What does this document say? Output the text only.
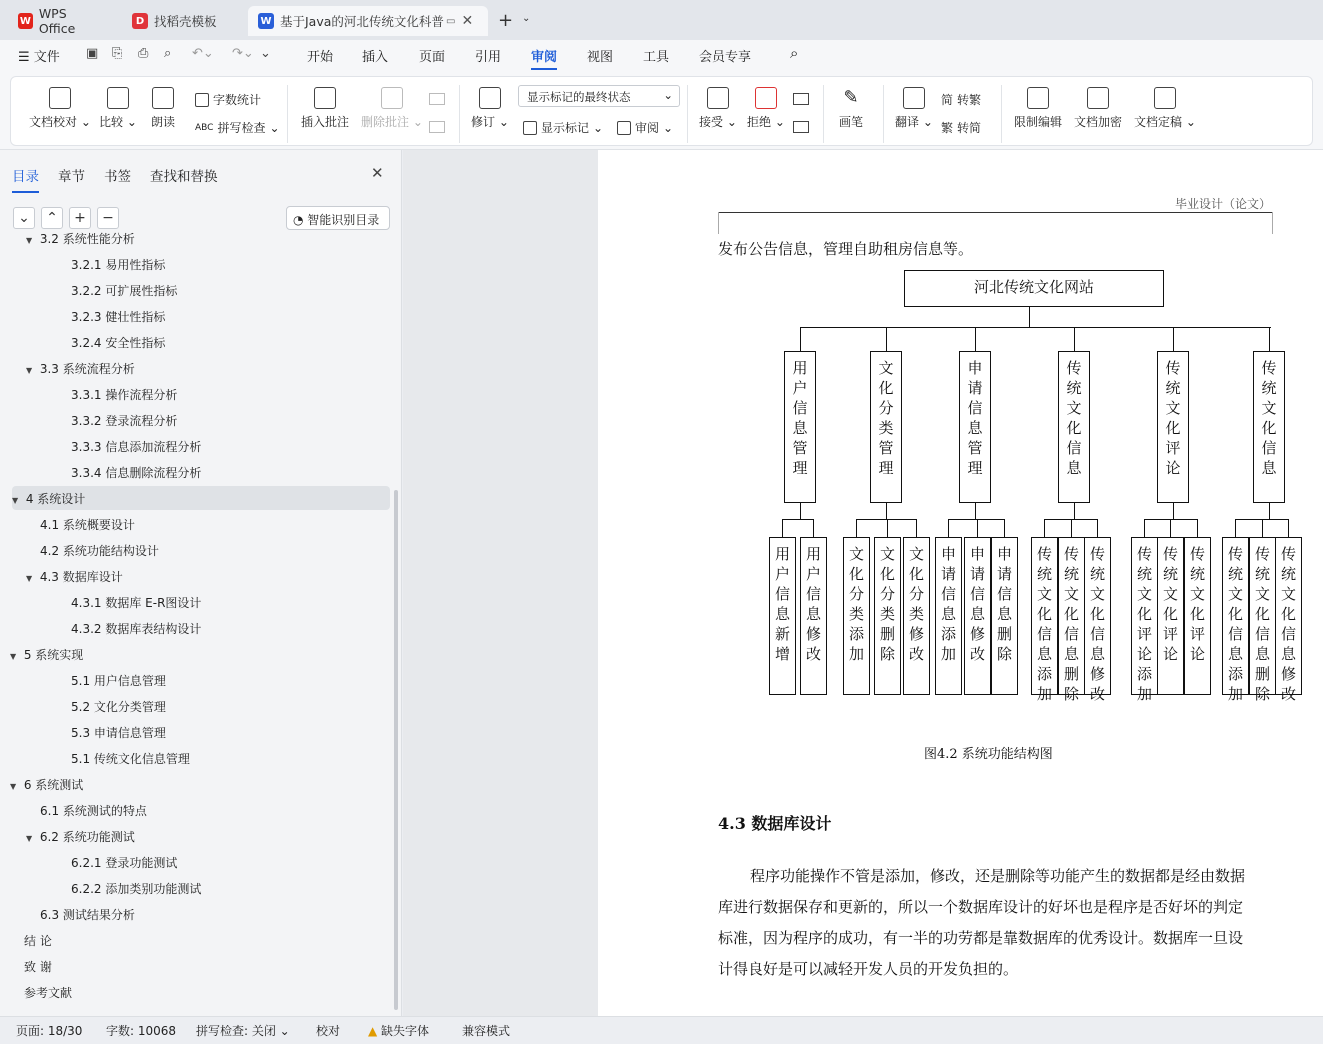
W WPS Office	D 找稻壳模板	W 基于Java的河北传统文化科普 ▭ ✕ + ⌄
☰ 文件 ▣ ⎘ ⎙ ⌕ ↶⌄ ↷⌄ ⌄	开始 插入 页面 引用 审阅 视图 工具 会员专享	⌕
文档校对 ⌄ 比较 ⌄ 朗读
字数统计
ABC 拼写检查 ⌄ 插入批注 删除批注 ⌄	修订 ⌄
显示标记的最终状态	⌄
显示标记 ⌄	审阅 ⌄ 接受 ⌄ 拒绝 ⌄
✎
画笔	翻译 ⌄
简 转繁
繁 转简	限制编辑 文档加密 文档定稿 ⌄
目录 章节 书签 查找和替换	✕
⌄	⌃	+	−	◔ 智能识别目录
▼ 3.2 系统性能分析
3.2.1 易用性指标
3.2.2 可扩展性指标
3.2.3 健壮性指标
3.2.4 安全性指标
▼ 3.3 系统流程分析
3.3.1 操作流程分析
3.3.2 登录流程分析
3.3.3 信息添加流程分析
3.3.4 信息删除流程分析
▼ 4 系统设计
4.1 系统概要设计
4.2 系统功能结构设计
▼ 4.3 数据库设计
4.3.1 数据库 E-R图设计
4.3.2 数据库表结构设计
▼ 5 系统实现
5.1 用户信息管理
5.2 文化分类管理
5.3 申请信息管理
5.1 传统文化信息管理
▼ 6 系统测试
6.1 系统测试的特点
▼ 6.2 系统功能测试
6.2.1 登录功能测试
6.2.2 添加类别功能测试
6.3 测试结果分析
结 论
致 谢
参考文献
毕业设计（论文）
发布公告信息，管理自助租房信息等。
河北传统文化网站
用户信息管理
用户信息新增
用户信息修改
文化分类管理
文化分类添加
文化分类删除
文化分类修改
申请信息管理
申请信息添加
申请信息修改
申请信息删除
传统文化信息
传统文化信息添加
传统文化信息删除
传统文化信息修改
传统文化评论
传统文化评论添加
传统文化评论
传统文化评论
传统文化信息
传统文化信息添加
传统文化信息删除
传统文化信息修改
图4.2 系统功能结构图
4.3 数据库设计
程序功能操作不管是添加，修改，还是删除等功能产生的数据都是经由数据
库进行数据保存和更新的，所以一个数据库设计的好坏也是程序是否好坏的判定
标准，因为程序的成功，有一半的功劳都是靠数据库的优秀设计。数据库一旦设
计得良好是可以减轻开发人员的开发负担的。
页面: 18/30 字数: 10068 拼写检查: 关闭 ⌄ 校对 ▲ 缺失字体	兼容模式
